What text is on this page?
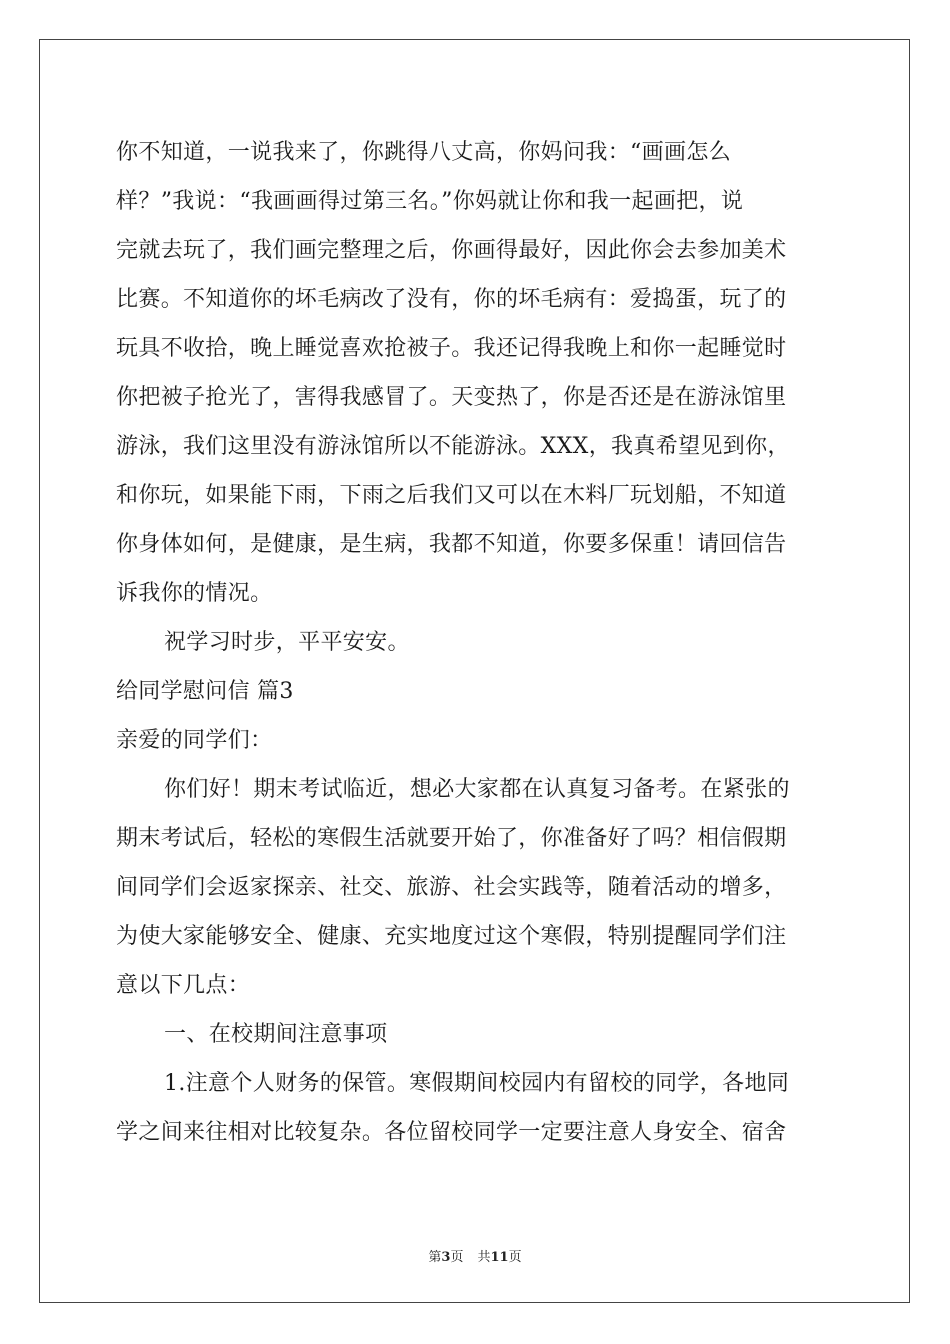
你不知道，一说我来了，你跳得八丈高，你妈问我：“画画怎么
样？”我说：“我画画得过第三名。”你妈就让你和我一起画把，说
完就去玩了，我们画完整理之后，你画得最好，因此你会去参加美术
比赛。不知道你的坏毛病改了没有，你的坏毛病有：爱捣蛋，玩了的
玩具不收拾，晚上睡觉喜欢抢被子。我还记得我晚上和你一起睡觉时
你把被子抢光了，害得我感冒了。天变热了，你是否还是在游泳馆里
游泳，我们这里没有游泳馆所以不能游泳。XXX，我真希望见到你，
和你玩，如果能下雨，下雨之后我们又可以在木料厂玩划船，不知道
你身体如何，是健康，是生病，我都不知道，你要多保重！请回信告
诉我你的情况。
祝学习时步，平平安安。
给同学慰问信 篇3
亲爱的同学们：
你们好！期末考试临近，想必大家都在认真复习备考。在紧张的
期末考试后，轻松的寒假生活就要开始了，你准备好了吗？相信假期
间同学们会返家探亲、社交、旅游、社会实践等，随着活动的增多，
为使大家能够安全、健康、充实地度过这个寒假，特别提醒同学们注
意以下几点：
一、在校期间注意事项
1.注意个人财务的保管。寒假期间校园内有留校的同学，各地同
学之间来往相对比较复杂。各位留校同学一定要注意人身安全、宿舍
第3页 共11页
